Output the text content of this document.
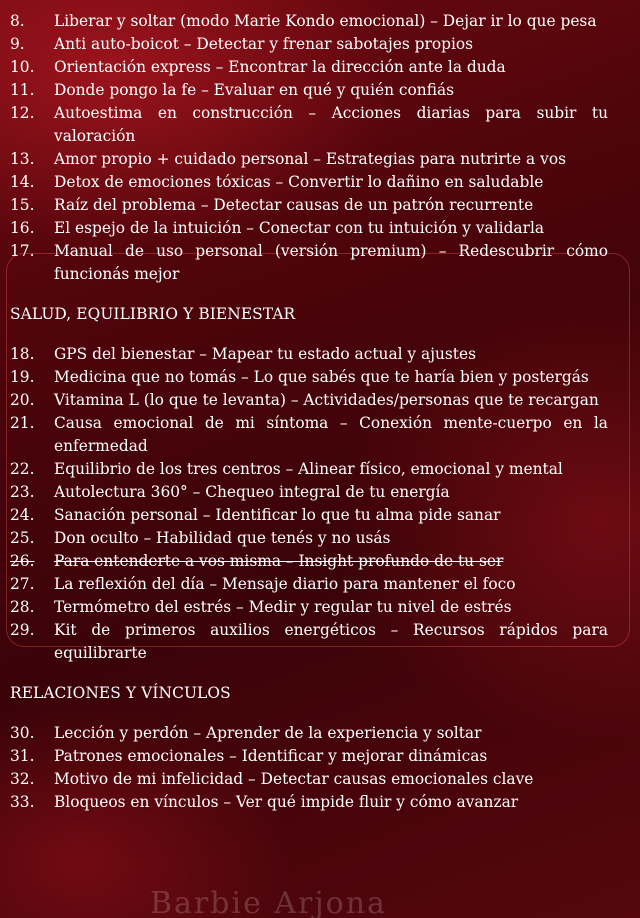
8.	Liberar y soltar (modo Marie Kondo emocional) – Dejar ir lo que pesa
9.	Anti auto-boicot – Detectar y frenar sabotajes propios
10.	Orientación express – Encontrar la dirección ante la duda
11.	Donde pongo la fe – Evaluar en qué y quién confiás
12.	Autoestima en construcción – Acciones diarias para subir tu valoración
13.	Amor propio + cuidado personal – Estrategias para nutrirte a vos
14.	Detox de emociones tóxicas – Convertir lo dañino en saludable
15.	Raíz del problema – Detectar causas de un patrón recurrente
16.	El espejo de la intuición – Conectar con tu intuición y validarla
17.	Manual de uso personal (versión premium) – Redescubrir cómo funcionás mejor
SALUD, EQUILIBRIO Y BIENESTAR
18.	GPS del bienestar – Mapear tu estado actual y ajustes
19.	Medicina que no tomás – Lo que sabés que te haría bien y postergás
20.	Vitamina L (lo que te levanta) – Actividades/personas que te recargan
21.	Causa emocional de mi síntoma – Conexión mente-cuerpo en la enfermedad
22.	Equilibrio de los tres centros – Alinear físico, emocional y mental
23.	Autolectura 360° – Chequeo integral de tu energía
24.	Sanación personal – Identificar lo que tu alma pide sanar
25.	Don oculto – Habilidad que tenés y no usás
26.	Para entenderte a vos misma – Insight profundo de tu ser
27.	La reflexión del día – Mensaje diario para mantener el foco
28.	Termómetro del estrés – Medir y regular tu nivel de estrés
29.	Kit de primeros auxilios energéticos – Recursos rápidos para equilibrarte
RELACIONES Y VÍNCULOS
30.	Lección y perdón – Aprender de la experiencia y soltar
31.	Patrones emocionales – Identificar y mejorar dinámicas
32.	Motivo de mi infelicidad – Detectar causas emocionales clave
33.	Bloqueos en vínculos – Ver qué impide fluir y cómo avanzar
Barbie Arjona
